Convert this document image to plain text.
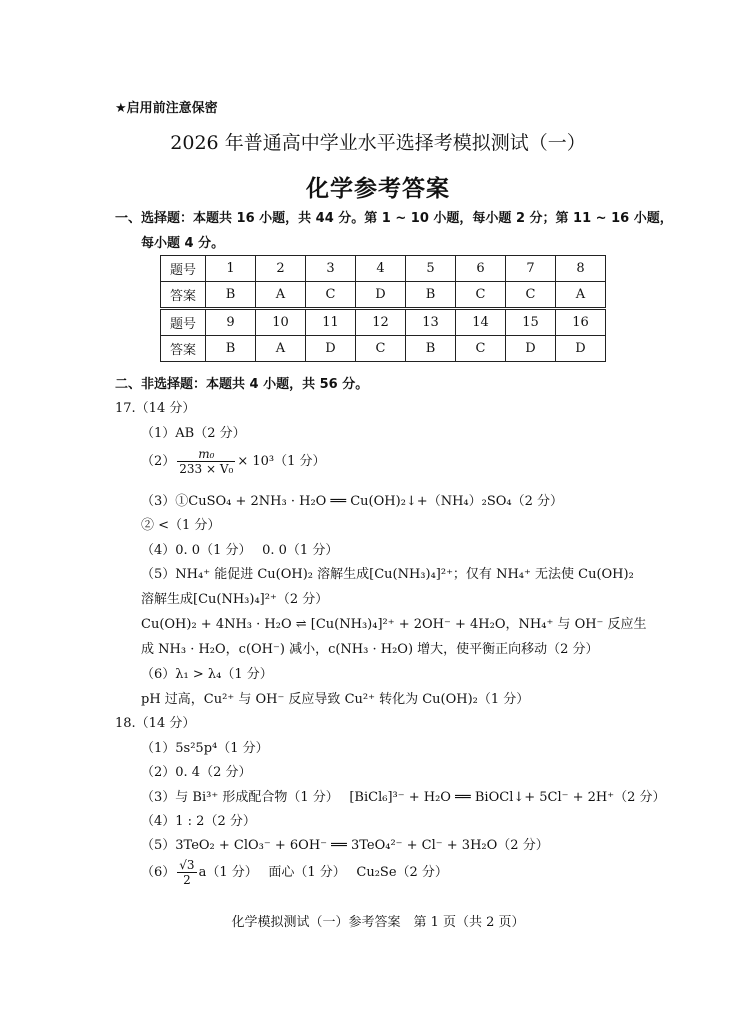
★启用前注意保密
2026 年普通高中学业水平选择考模拟测试（一）
化学参考答案
一、选择题：本题共 16 小题，共 44 分。第 1 ~ 10 小题，每小题 2 分；第 11 ~ 16 小题，
每小题 4 分。
题号	1	2	3	4	5	6	7	8
答案	B	A	C	D	B	C	C	A
题号	9	10	11	12	13	14	15	16
答案	B	A	D	C	B	C	D	D
二、非选择题：本题共 4 小题，共 56 分。
17.（14 分）
（1）AB（2 分）
$(2) \frac{\text{m₀}}{\text{233 × V₀}} \times 10^3(1$ 分）
（3）①CuSO₄ + 2NH₃ · H₂O ══ Cu(OH)₂↓+（NH₄）₂SO₄（2 分）
② <（1 分）
（4）0. 0（1 分）　 0. 0（1 分）
（5）NH₄⁺ 能促进 Cu(OH)₂ 溶解生成[Cu(NH₃)₄]²⁺；仅有 NH₄⁺ 无法使 Cu(OH)₂
溶解生成[Cu(NH₃)₄]²⁺（2 分）
Cu(OH)₂ + 4NH₃ · H₂O ⇌ [Cu(NH₃)₄]²⁺ + 2OH⁻ + 4H₂O，NH₄⁺ 与 OH⁻ 反应生
成 NH₃ · H₂O，c(OH⁻) 减小，c(NH₃ · H₂O) 增大，使平衡正向移动（2 分）
（6）λ₁ > λ₄（1 分）
pH 过高，Cu²⁺ 与 OH⁻ 反应导致 Cu²⁺ 转化为 Cu(OH)₂（1 分）
18.（14 分）
（1）5s²5p⁴（1 分）
（2）0. 4（2 分）
（3）与 Bi³⁺ 形成配合物（1 分）　 [BiCl₆]³⁻ + H₂O ══ BiOCl↓+ 5Cl⁻ + 2H⁺（2 分）
（4）1 : 2（2 分）
（5）3TeO₂ + ClO₃⁻ + 6OH⁻ ══ 3TeO₄²⁻ + Cl⁻ + 3H₂O（2 分）
$(6) \frac{√3}{2} a(1$ 分）　 面心（1 分）　 Cu₂Se（2 分）
化学模拟测试（一）参考答案　第 1 页（共 2 页）
